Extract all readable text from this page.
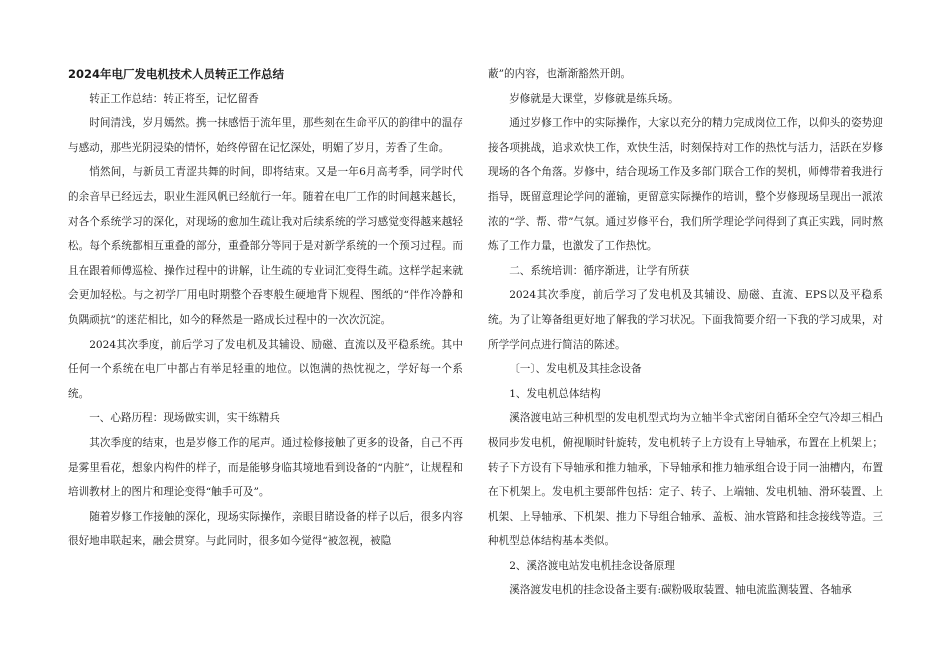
2024年电厂发电机技术人员转正工作总结

转正工作总结：转正将至，记忆留香

时间清浅，岁月嫣然。携一抹感悟于流年里，那些刻在生命平仄的韵律中的温存与感动，那些光阴浸染的情怀，始终停留在记忆深处，明媚了岁月，芳香了生命。

悄然间，与新员工青涩共舞的时间，即将结束。又是一年6月高考季，同学时代的余音早已经远去，职业生涯风帆已经航行一年。随着在电厂工作的时间越来越长，对各个系统学习的深化，对现场的愈加生疏让我对后续系统的学习感觉变得越来越轻松。每个系统都相互重叠的部分，重叠部分等同于是对新学系统的一个预习过程。而且在跟着师傅巡检、操作过程中的讲解，让生疏的专业词汇变得生疏。这样学起来就会更加轻松。与之初学厂用电时期整个吞枣般生硬地背下规程、图纸的“伴作冷静和负隅顽抗”的迷茫相比，如今的释然是一路成长过程中的一次次沉淀。

2024其次季度，前后学习了发电机及其辅设、励磁、直流以及平稳系统。其中任何一个系统在电厂中都占有举足轻重的地位。以饱满的热忱视之，学好每一个系统。

一、心路历程：现场做实训，实干练精兵

其次季度的结束，也是岁修工作的尾声。通过检修接触了更多的设备，自己不再是雾里看花，想象内构件的样子，而是能够身临其境地看到设备的“内脏”，让规程和培训教材上的图片和理论变得“触手可及”。

随着岁修工作接触的深化，现场实际操作，亲眼目睹设备的样子以后，很多内容很好地串联起来，融会贯穿。与此同时，很多如今觉得“被忽视，被隐

蔽”的内容，也渐渐豁然开朗。

岁修就是大课堂，岁修就是练兵场。

通过岁修工作中的实际操作，大家以充分的精力完成岗位工作，以仰头的姿势迎接各项挑战，追求欢快工作，欢快生活，时刻保持对工作的热忱与活力，活跃在岁修现场的各个角落。岁修中，结合现场工作及多部门联合工作的契机，师傅带着我进行指导，既留意理论学问的灌输，更留意实际操作的培训，整个岁修现场呈现出一派浓浓的“学、帮、带”气氛。通过岁修平台，我们所学理论学问得到了真正实践，同时熬炼了工作力量，也激发了工作热忱。

二、系统培训：循序渐进，让学有所获

2024其次季度，前后学习了发电机及其辅设、励磁、直流、EPS以及平稳系统。为了让筹备组更好地了解我的学习状况。下面我简要介绍一下我的学习成果，对所学学问点进行简洁的陈述。

〔一〕、发电机及其挂念设备

1、发电机总体结构

溪洛渡电站三种机型的发电机型式均为立轴半伞式密闭自循环全空气冷却三相凸极同步发电机，俯视顺时针旋转，发电机转子上方设有上导轴承，布置在上机架上；转子下方设有下导轴承和推力轴承，下导轴承和推力轴承组合设于同一油槽内，布置在下机架上。发电机主要部件包括：定子、转子、上端轴、发电机轴、滑环装置、上机架、上导轴承、下机架、推力下导组合轴承、盖板、油水管路和挂念接线等造。三种机型总体结构基本类似。

2、溪洛渡电站发电机挂念设备原理

溪洛渡发电机的挂念设备主要有:碳粉吸取装置、轴电流监测装置、各轴承
